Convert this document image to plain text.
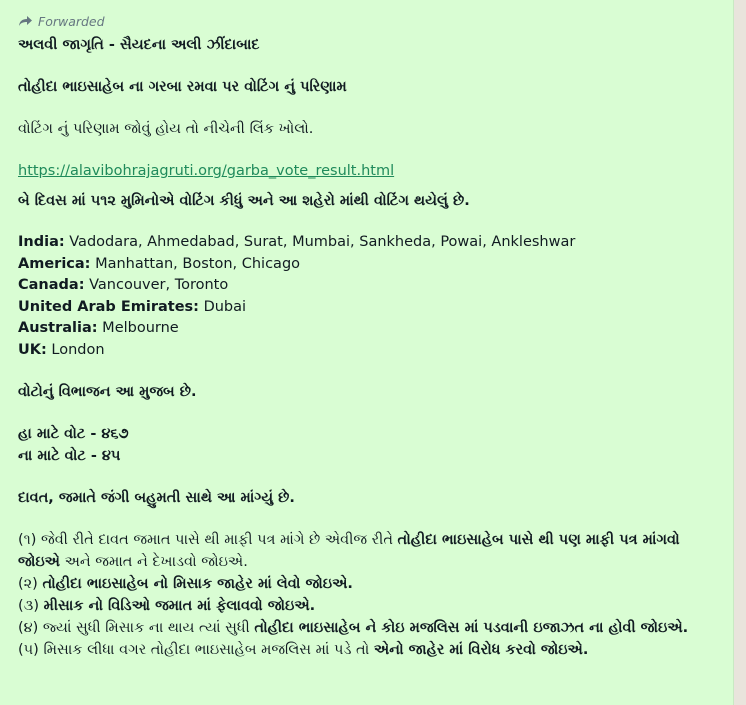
Forwarded

અલવી જાગૃતિ - સૈયદના અલી ઝીંદાબાદ

તોહીદા ભાઇસાહેબ ના ગરબા રમવા પર વોટિંગ નું પરિણામ

વોટિંગ નું પરિણામ જોવું હોય તો નીચેની લિંક ખોલો.

https://alavibohrajagruti.org/garba_vote_result.html

બે દિવસ માં ૫૧૨ મુમિનોએ વોટિંગ કીધું અને આ શહેરો માંથી વોટિંગ થયેલું છે.

India: Vadodara, Ahmedabad, Surat, Mumbai, Sankheda, Powai, Ankleshwar
America: Manhattan, Boston, Chicago
Canada: Vancouver, Toronto
United Arab Emirates: Dubai
Australia: Melbourne
UK: London

વોટોનું વિભાજન આ મુજબ છે.

હા માટે વોટ - ૪૬૭

ના માટે વોટ - ૪૫

દાવત, જમાતે જંગી બહુમતી સાથે આ માંગ્યું છે.

(૧) જેવી રીતે દાવત જમાત પાસે થી માફી પત્ર માંગે છે એવીજ રીતે તોહીદા ભાઇસાહેબ પાસે થી પણ માફી પત્ર માંગવો જોઇએ અને જમાત ને દેખાડવો જોઇએ.

(૨) તોહીદા ભાઇસાહેબ નો મિસાક જાહેર માં લેવો જોઇએ.

(૩) મીસાક નો વિડિઓ જમાત માં ફેલાવવો જોઇએ.

(૪) જ્યાં સુધી મિસાક ના થાય ત્યાં સુધી તોહીદા ભાઇસાહેબ ને કોઇ મજલિસ માં પડવાની ઇજાઝત ના હોવી જોઇએ.

(૫) મિસાક લીધા વગર તોહીદા ભાઇસાહેબ મજલિસ માં પડે તો એનો જાહેર માં વિરોધ કરવો જોઇએ.
